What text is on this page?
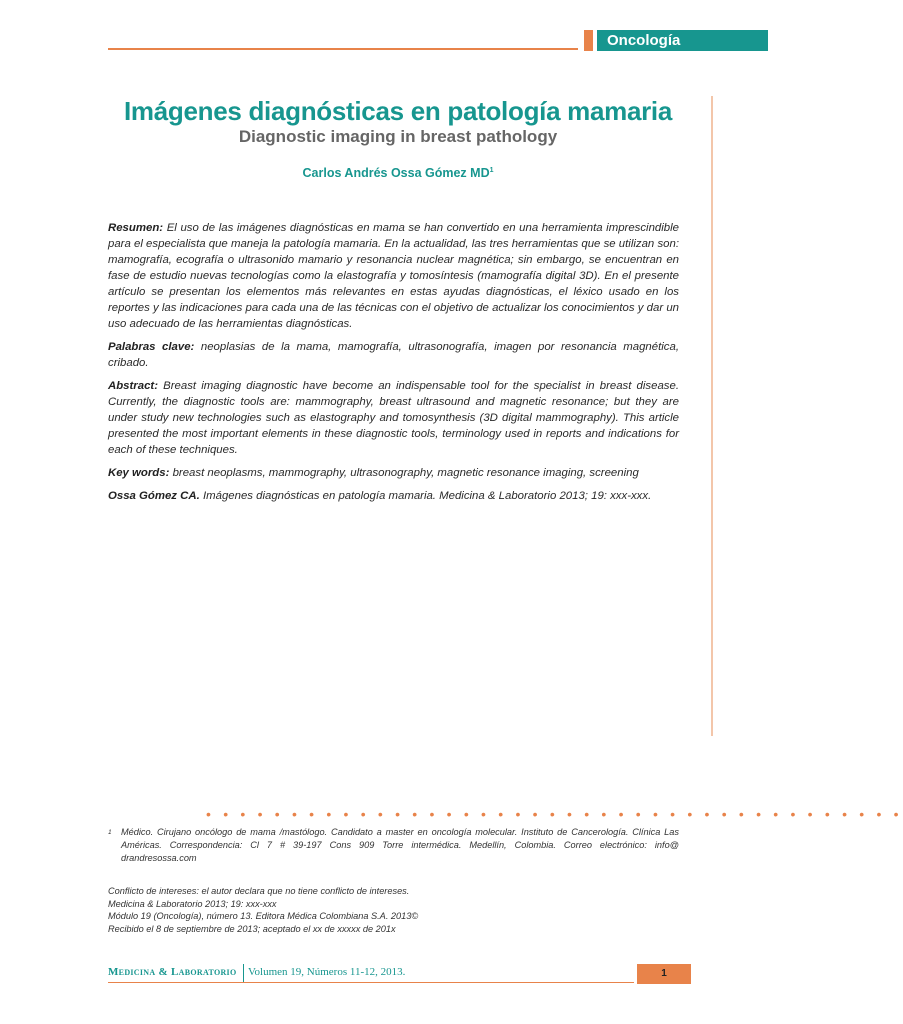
Oncología
Imágenes diagnósticas en patología mamaria
Diagnostic imaging in breast pathology
Carlos Andrés Ossa Gómez $MD^1$

Resumen: El uso de las imágenes diagnósticas en mama se han convertido en una herramienta imprescindible para el especialista que maneja la patología mamaria. En la actualidad, las tres herramientas que se utilizan son: mamografía, ecografía o ultrasonido mamario y resonancia nuclear magnética; sin embargo, se encuentran en fase de estudio nuevas tecnologías como la elastografía y tomosíntesis (mamografía digital 3D). En el presente artículo se presentan los elementos más relevantes en estas ayudas diagnósticas, el léxico usado en los reportes y las indicaciones para cada una de las técnicas con el objetivo de actualizar los conocimientos y dar un uso adecuado de las herramientas diagnósticas.

Palabras clave: neoplasias de la mama, mamografía, ultrasonografía, imagen por resonancia magnética, cribado.

Abstract: Breast imaging diagnostic have become an indispensable tool for the specialist in breast disease. Currently, the diagnostic tools are: mammography, breast ultrasound and magnetic resonance; but they are under study new technologies such as elastography and tomosynthesis (3D digital mammography). This article presented the most important elements in these diagnostic tools, terminology used in reports and indications for each of these techniques.

Key words: breast neoplasms, mammography, ultrasonography, magnetic resonance imaging, screening

Ossa Gómez CA. Imágenes diagnósticas en patología mamaria. Medicina & Laboratorio 2013; 19: xxx-xxx.

• • • • • • • • • • • • • • • • • • • • • • • • • • • • • • • • • • • • • • • • •
1	Médico. Cirujano oncólogo de mama /mastólogo. Candidato a master en oncología molecular. Instituto de Cancerología. Clínica Las Américas. Correspondencia: Cl 7 # 39-197 Cons 909 Torre intermédica. Medellín, Colombia. Correo electrónico: info@ drandresossa.com
Conflicto de intereses: el autor declara que no tiene conflicto de intereses.
Medicina & Laboratorio 2013; 19: xxx-xxx
Módulo 19 (Oncología), número 13. Editora Médica Colombiana S.A. 2013©
Recibido el 8 de septiembre de 2013; aceptado el xx de xxxxx de 201x
Medicina & Laboratorio Volumen 19, Números 11-12, 2013.	1
